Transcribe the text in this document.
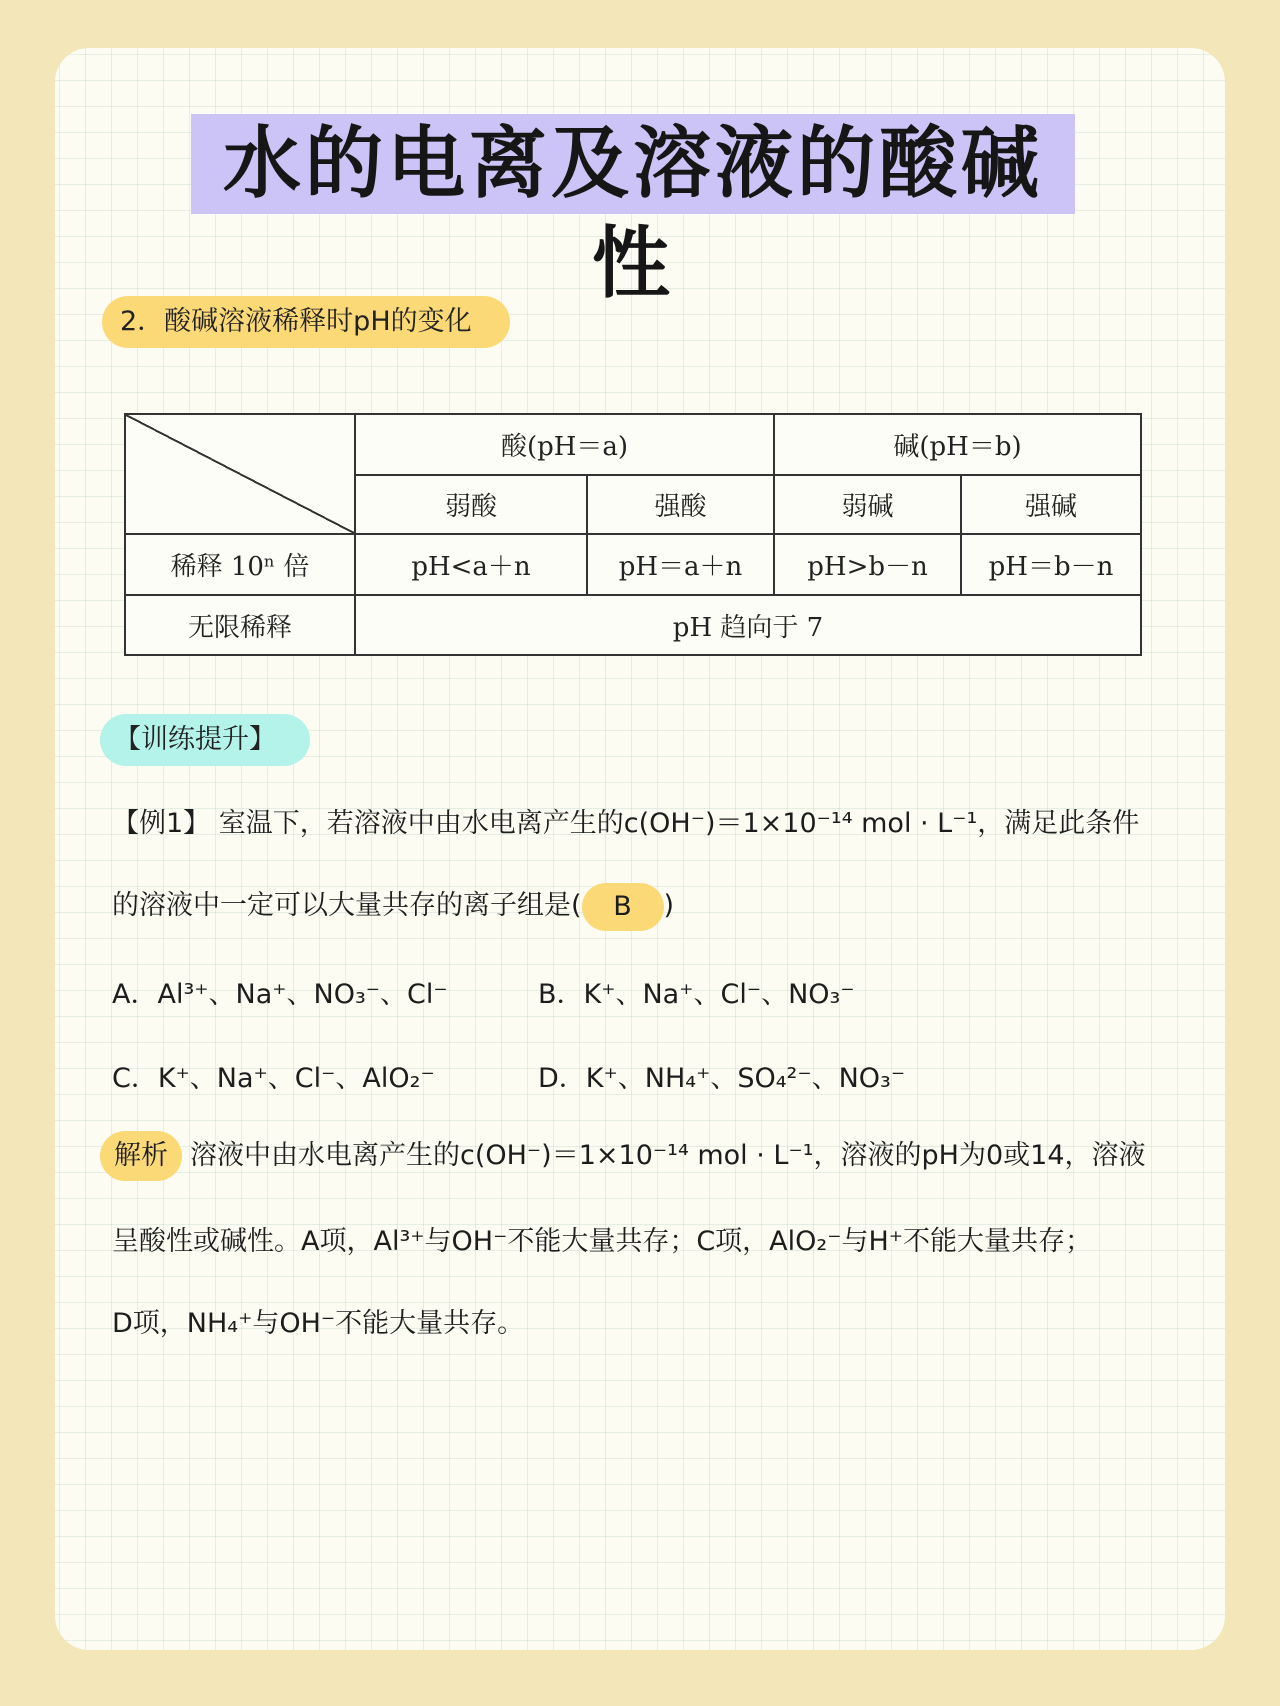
水的电离及溶液的酸碱性
2．酸碱溶液稀释时pH的变化
	酸(pH＝a)		碱(pH＝b)	
	弱酸	强酸	弱碱	强碱
稀释 10ⁿ 倍	pH<a＋n	pH＝a＋n	pH>b－n	pH＝b－n
无限稀释	pH 趋向于 7			
【训练提升】
【例1】 室温下，若溶液中由水电离产生的c(OH⁻)＝1×10⁻¹⁴ mol · L⁻¹，满足此条件
的溶液中一定可以大量共存的离子组是( B )
A．Al³⁺、Na⁺、NO₃⁻、Cl⁻	B．K⁺、Na⁺、Cl⁻、NO₃⁻
C．K⁺、Na⁺、Cl⁻、AlO₂⁻	D．K⁺、NH₄⁺、SO₄²⁻、NO₃⁻
解析 溶液中由水电离产生的c(OH⁻)＝1×10⁻¹⁴ mol · L⁻¹，溶液的pH为0或14，溶液
呈酸性或碱性。A项，Al³⁺与OH⁻不能大量共存；C项，AlO₂⁻与H⁺不能大量共存；
D项，NH₄⁺与OH⁻不能大量共存。
